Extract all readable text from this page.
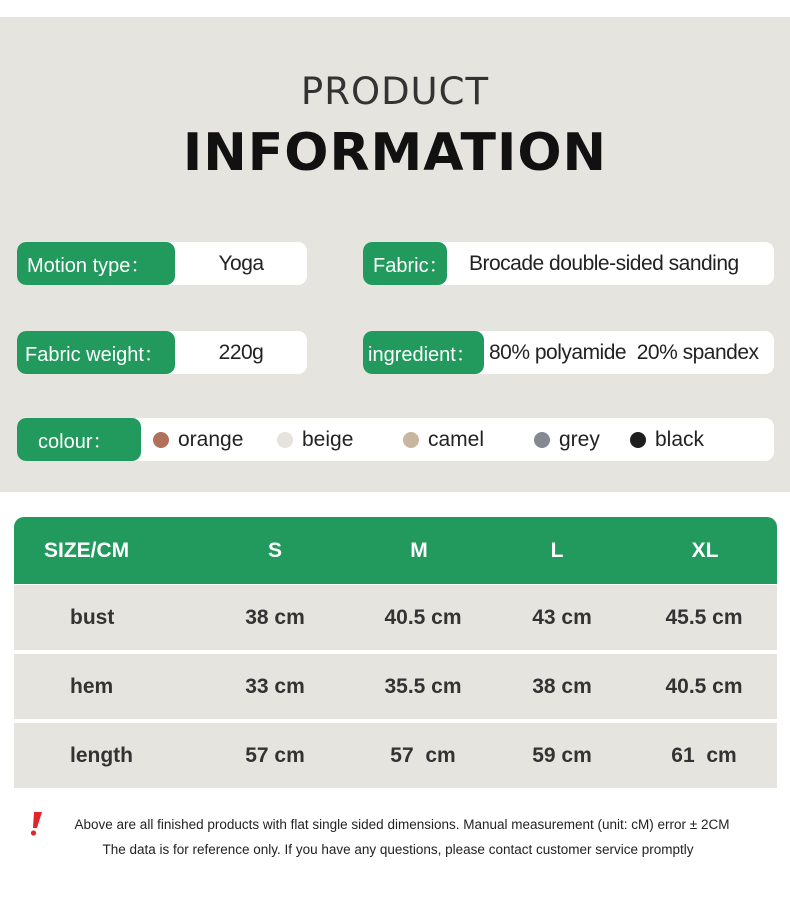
PRODUCT
INFORMATION
Motion type：	Yoga	Fabric： Brocade double-sided sanding
Fabric weight：	220g	ingredient： 80% polyamide  20% spandex
colour：	orange	beige	camel	grey	black
SIZE/CM	S	M	L	XL
bust	38 cm	40.5 cm	43 cm	45.5 cm
hem	33 cm	35.5 cm	38 cm	40.5 cm
length	57 cm	57  cm	59 cm	61  cm
Above are all finished products with flat single sided dimensions. Manual measurement (unit: cM) error ± 2CM
The data is for reference only. If you have any questions, please contact customer service promptly
